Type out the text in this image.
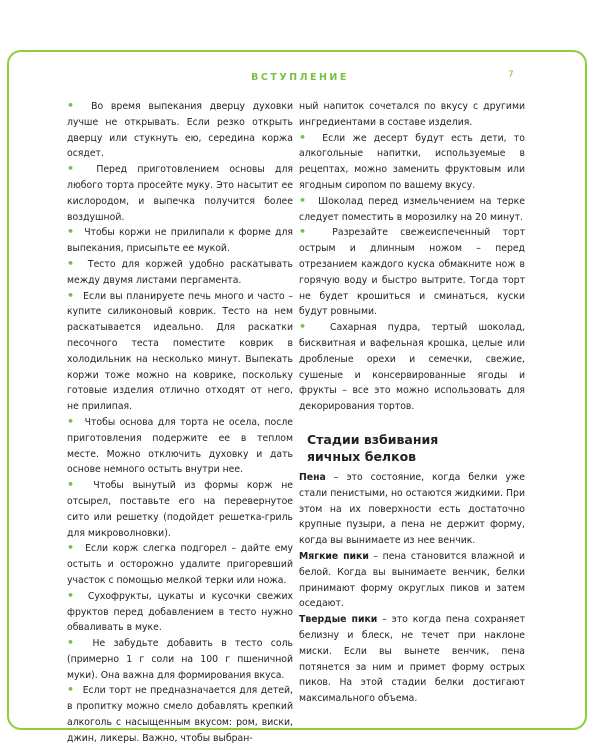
ВСТУПЛЕНИЕ	7

•  Во время выпекания дверцу духовки лучше не открывать. Если резко открыть дверцу или стукнуть ею, середина коржа осядет.

•  Перед приготовлением основы для любого торта просейте муку. Это насытит ее кислородом, и выпечка получится более воздушной.

•  Чтобы коржи не прилипали к форме для выпекания, присыпьте ее мукой.

•  Тесто для коржей удобно раскатывать между двумя листами пергамента.

•  Если вы планируете печь много и часто – купите силиконовый коврик. Тесто на нем раскатывается идеально. Для раскатки песочного теста поместите коврик в холодильник на несколько минут. Выпекать коржи тоже можно на коврике, поскольку готовые изделия отлично отходят от него, не прилипая.

•  Чтобы основа для торта не осела, после приготовления подержите ее в теплом месте. Можно отключить духовку и дать основе немного остыть внутри нее.

•  Чтобы вынутый из формы корж не отсырел, поставьте его на перевернутое сито или решетку (подойдет решетка-гриль для микроволновки).

•  Если корж слегка подгорел – дайте ему остыть и осторожно удалите пригоревший участок с помощью мелкой терки или ножа.

•  Сухофрукты, цукаты и кусочки свежих фруктов перед добавлением в тесто нужно обваливать в муке.

•  Не забудьте добавить в тесто соль (примерно 1 г соли на 100 г пшеничной муки). Она важна для формирования вкуса.

•  Если торт не предназначается для детей, в пропитку можно смело добавлять крепкий алкоголь с насыщенным вкусом: ром, виски, джин, ликеры. Важно, чтобы выбран-

ный напиток сочетался по вкусу с другими ингредиентами в составе изделия.

•  Если же десерт будут есть дети, то алкогольные напитки, используемые в рецептах, можно заменить фруктовым или ягодным сиропом по вашему вкусу.

•  Шоколад перед измельчением на терке следует поместить в морозилку на 20 минут.

•  Разрезайте свежеиспеченный торт острым и длинным ножом – перед отрезанием каждого куска обмакните нож в горячую воду и быстро вытрите. Тогда торт не будет крошиться и сминаться, куски будут ровными.

•  Сахарная пудра, тертый шоколад, бисквитная и вафельная крошка, целые или дробленые орехи и семечки, свежие, сушеные и консервированные ягоды и фрукты – все это можно использовать для декорирования тортов.

Стадии взбивания
яичных белков

Пена – это состояние, когда белки уже стали пенистыми, но остаются жидкими. При этом на их поверхности есть достаточно крупные пузыри, а пена не держит форму, когда вы вынимаете из нее венчик.

Мягкие пики – пена становится влажной и белой. Когда вы вынимаете венчик, белки принимают форму округлых пиков и затем оседают.

Твердые пики – это когда пена сохраняет белизну и блеск, не течет при наклоне миски. Если вы вынете венчик, пена потянется за ним и примет форму острых пиков. На этой стадии белки достигают максимального объема.
